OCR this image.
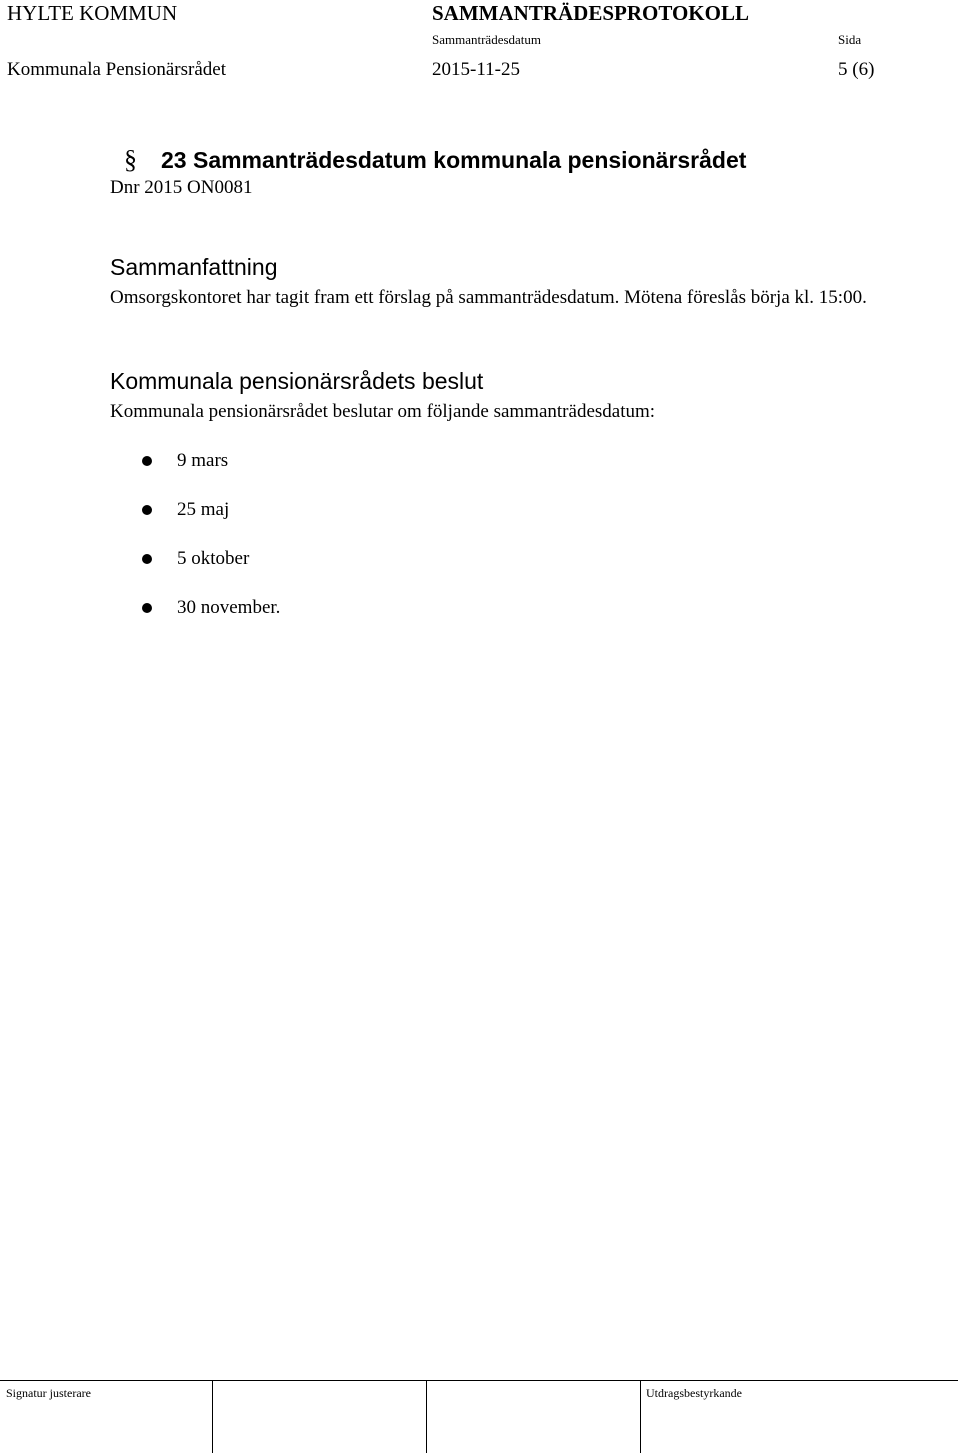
HYLTE KOMMUN	SAMMANTRÄDESPROTOKOLL
Sammanträdesdatum	Sida
Kommunala Pensionärsrådet	2015-11-25	5 (6)
§ 23 Sammanträdesdatum kommunala pensionärsrådet
Dnr 2015 ON0081
Sammanfattning
Omsorgskontoret har tagit fram ett förslag på sammanträdesdatum. Mötena föreslås börja kl. 15:00.
Kommunala pensionärsrådets beslut
Kommunala pensionärsrådet beslutar om följande sammanträdesdatum:
9 mars
25 maj
5 oktober
30 november.
Signatur justerare	Utdragsbestyrkande
